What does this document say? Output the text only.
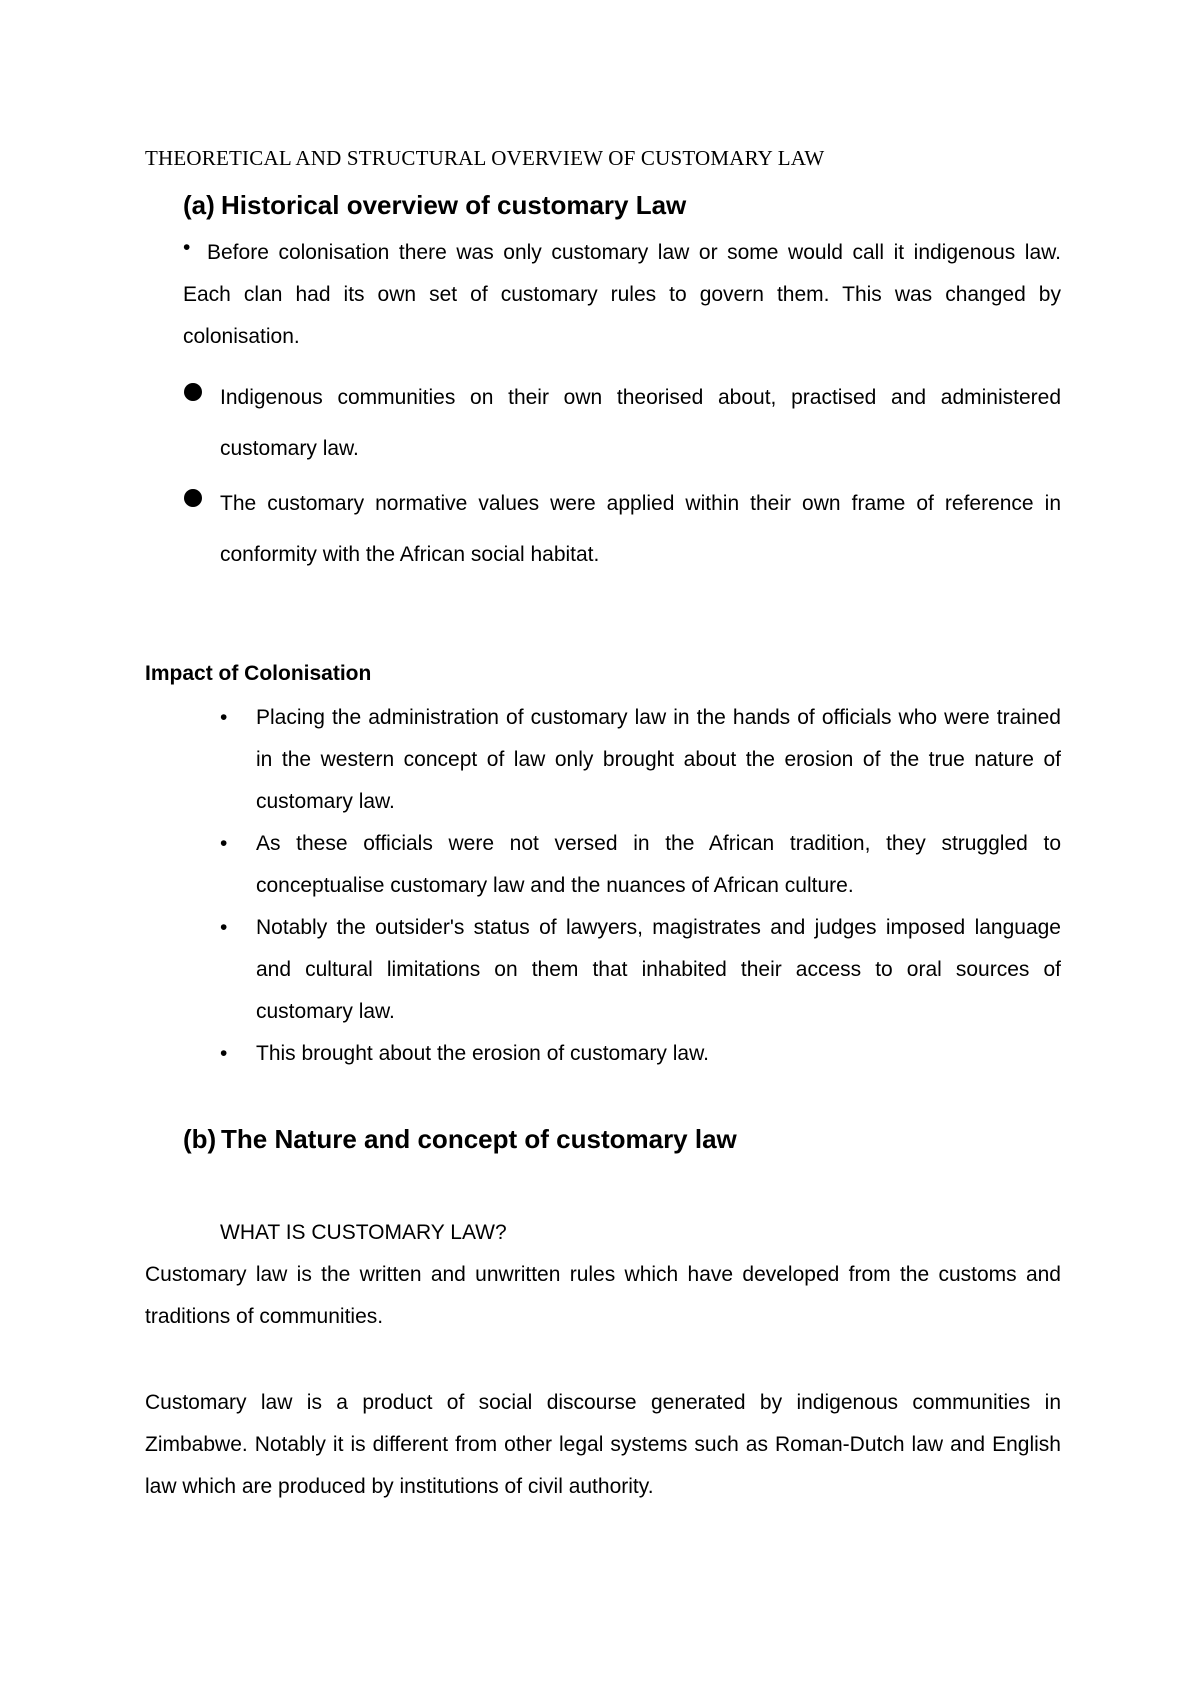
THEORETICAL AND STRUCTURAL OVERVIEW OF CUSTOMARY LAW

(a) Historical overview of customary Law
• Before colonisation there was only customary law or some would call it indigenous law. Each clan had its own set of customary rules to govern them. This was changed by colonisation.

Indigenous communities on their own theorised about, practised and administered customary law.

The customary normative values were applied within their own frame of reference in conformity with the African social habitat.

Impact of Colonisation

• Placing the administration of customary law in the hands of officials who were trained in the western concept of law only brought about the erosion of the true nature of customary law.
• As these officials were not versed in the African tradition, they struggled to conceptualise customary law and the nuances of African culture.
• Notably the outsider's status of lawyers, magistrates and judges imposed language and cultural limitations on them that inhabited their access to oral sources of customary law.
• This brought about the erosion of customary law.
(b) The Nature and concept of customary law

WHAT IS CUSTOMARY LAW?

Customary law is the written and unwritten rules which have developed from the customs and traditions of communities.

Customary law is a product of social discourse generated by indigenous communities in Zimbabwe. Notably it is different from other legal systems such as Roman-Dutch law and English law which are produced by institutions of civil authority.
